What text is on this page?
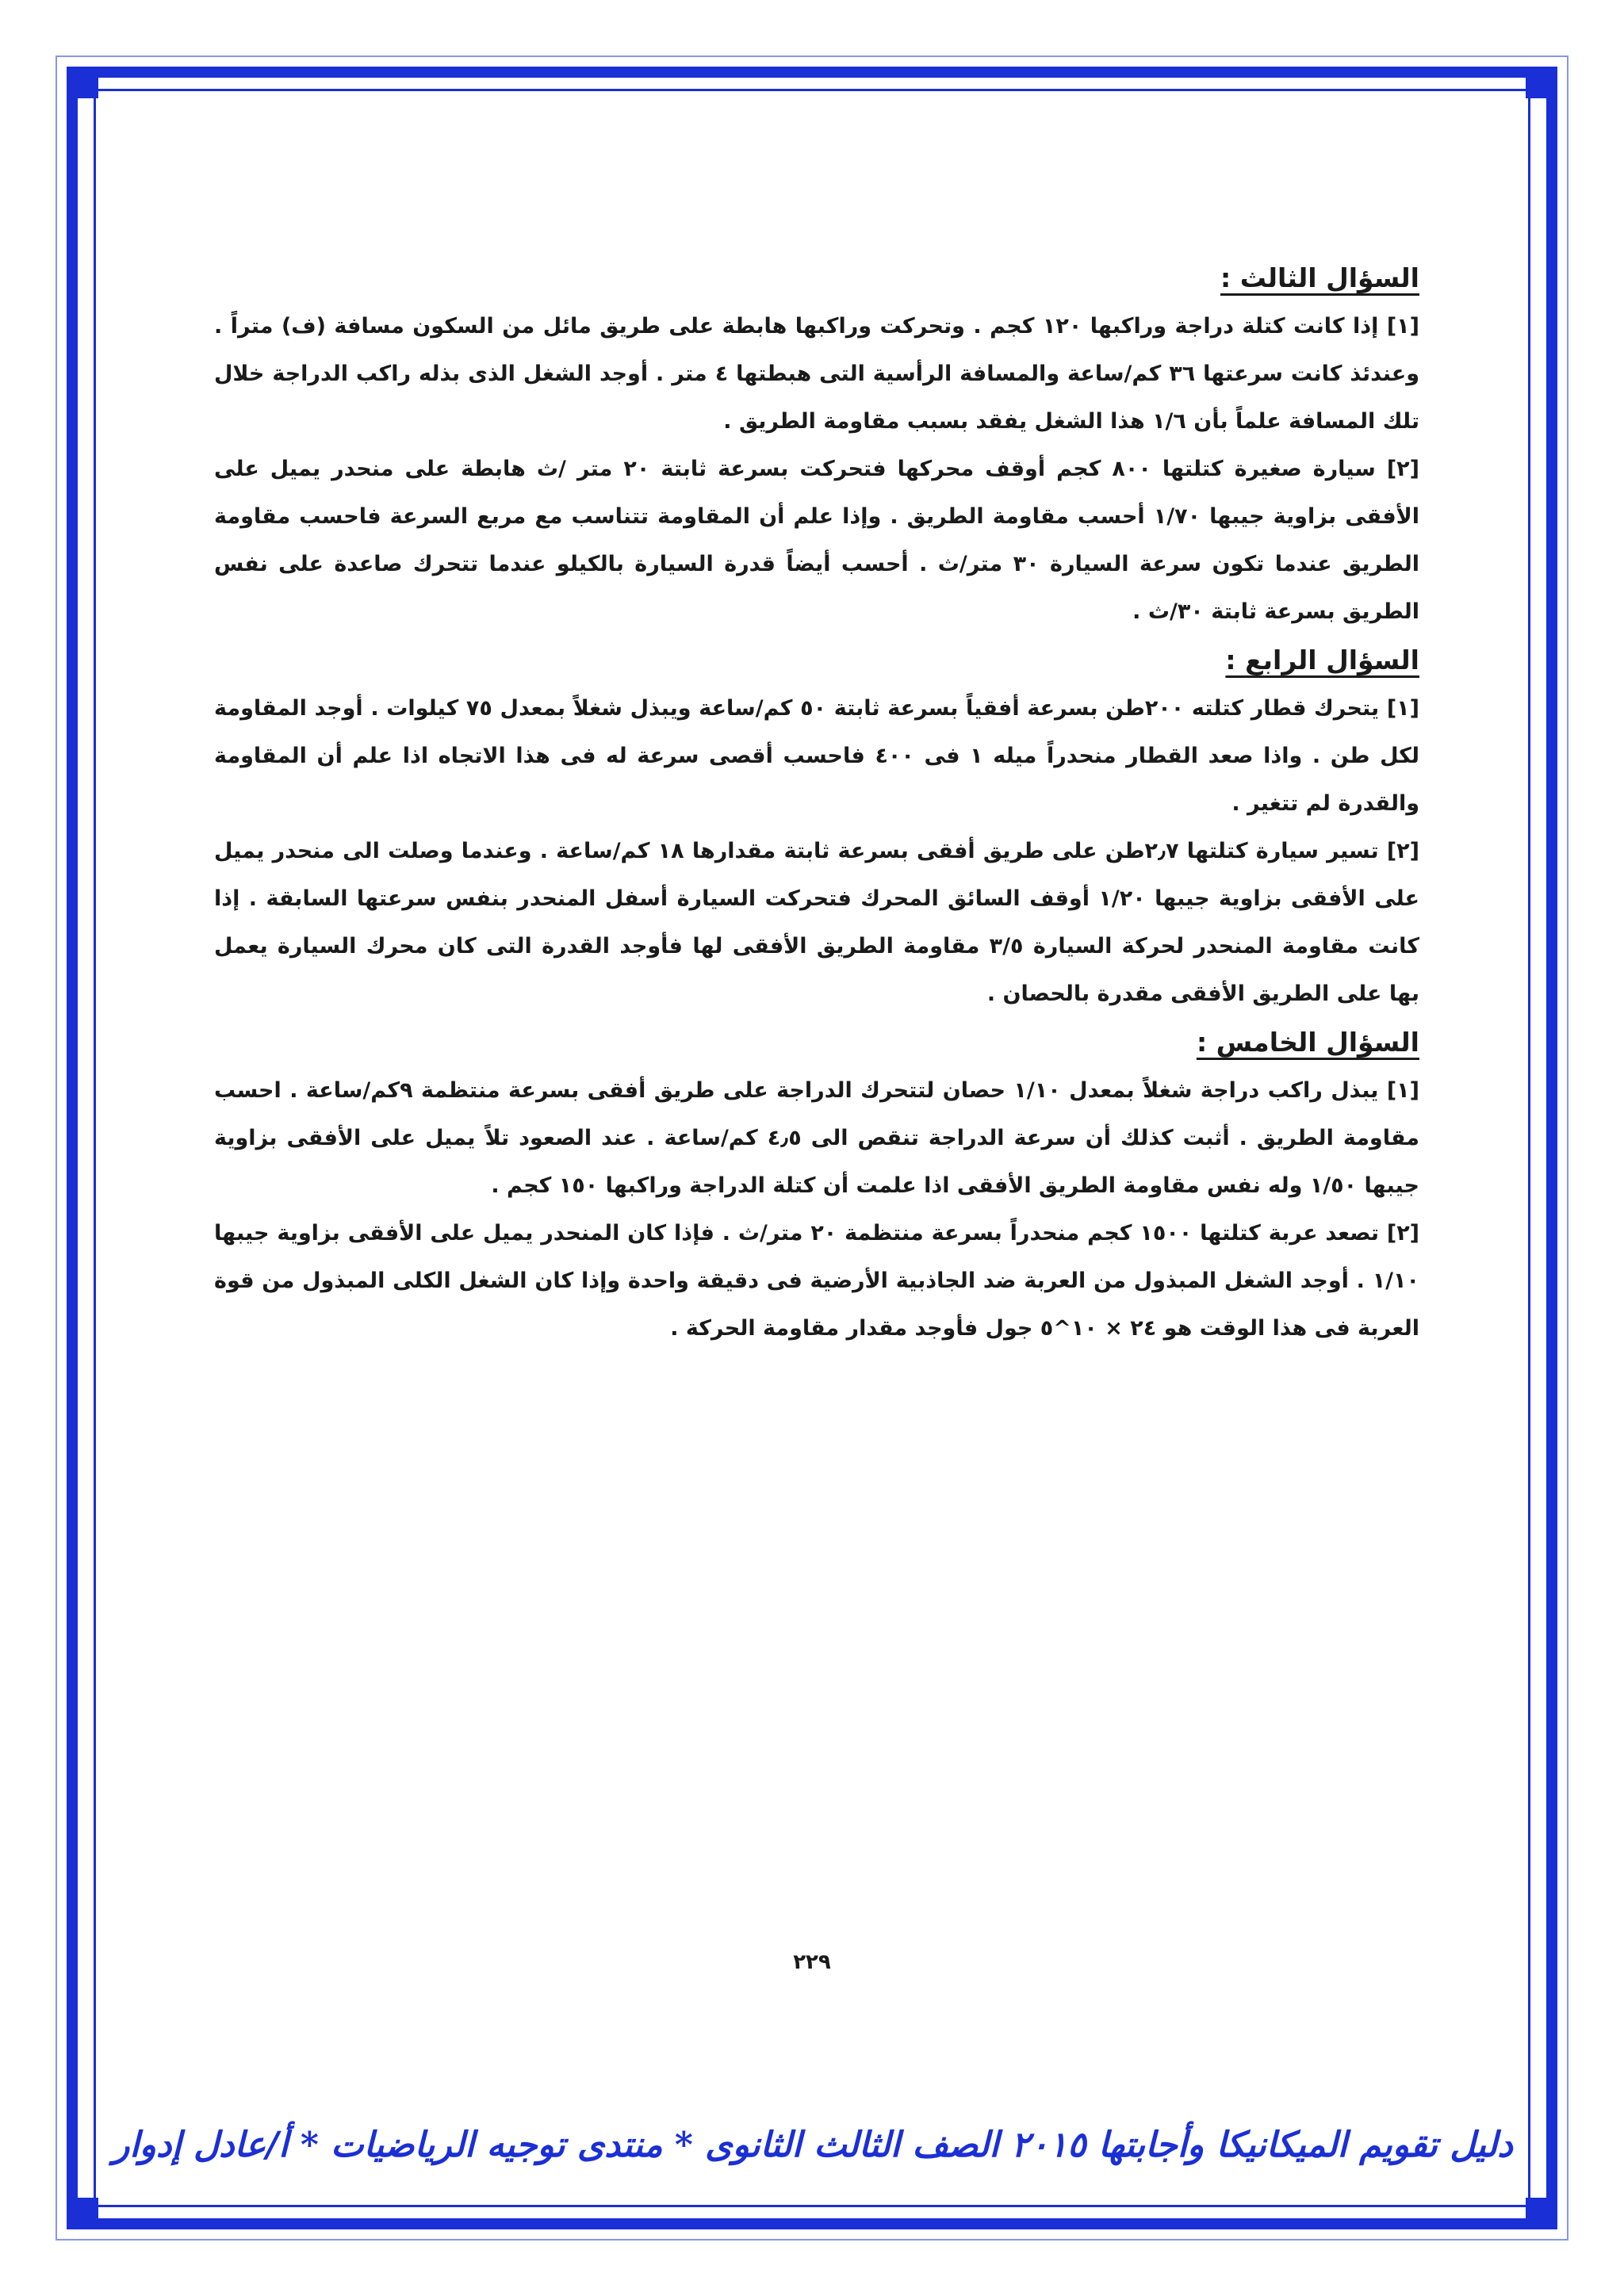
السؤال الثالث :

[١] إذا كانت كتلة دراجة وراكبها ١٢٠ كجم . وتحركت وراكبها هابطة على طريق مائل من السكون مسافة (ف) متراً . وعندئذ كانت سرعتها ٣٦ كم/ساعة والمسافة الرأسية التى هبطتها ٤ متر . أوجد الشغل الذى بذله راكب الدراجة خلال تلك المسافة علماً بأن ١/٦ هذا الشغل يفقد بسبب مقاومة الطريق .

[٢] سيارة صغيرة كتلتها ٨٠٠ كجم أوقف محركها فتحركت بسرعة ثابتة ٢٠ متر /ث هابطة على منحدر يميل على الأفقى بزاوية جيبها ١/٧٠ أحسب مقاومة الطريق . وإذا علم أن المقاومة تتناسب مع مربع السرعة فاحسب مقاومة الطريق عندما تكون سرعة السيارة ٣٠ متر/ث . أحسب أيضاً قدرة السيارة بالكيلو عندما تتحرك صاعدة على نفس الطريق بسرعة ثابتة ٣٠/ث .

السؤال الرابع :

[١] يتحرك قطار كتلته ٢٠٠طن بسرعة أفقياً بسرعة ثابتة ٥٠ كم/ساعة ويبذل شغلاً بمعدل ٧٥ كيلوات . أوجد المقاومة لكل طن . واذا صعد القطار منحدراً ميله ١ فى ٤٠٠ فاحسب أقصى سرعة له فى هذا الاتجاه اذا علم أن المقاومة والقدرة لم تتغير .

[٢] تسير سيارة كتلتها ٢٫٧طن على طريق أفقى بسرعة ثابتة مقدارها ١٨ كم/ساعة . وعندما وصلت الى منحدر يميل على الأفقى بزاوية جيبها ١/٢٠ أوقف السائق المحرك فتحركت السيارة أسفل المنحدر بنفس سرعتها السابقة . إذا كانت مقاومة المنحدر لحركة السيارة ٣/٥ مقاومة الطريق الأفقى لها فأوجد القدرة التى كان محرك السيارة يعمل بها على الطريق الأفقى مقدرة بالحصان .

السؤال الخامس :

[١] يبذل راكب دراجة شغلاً بمعدل ١/١٠ حصان لتتحرك الدراجة على طريق أفقى بسرعة منتظمة ٩كم/ساعة . احسب مقاومة الطريق . أثبت كذلك أن سرعة الدراجة تنقص الى ٤٫٥ كم/ساعة . عند الصعود تلاً يميل على الأفقى بزاوية جيبها ١/٥٠ وله نفس مقاومة الطريق الأفقى اذا علمت أن كتلة الدراجة وراكبها ١٥٠ كجم .

[٢] تصعد عربة كتلتها ١٥٠٠ كجم منحدراً بسرعة منتظمة ٢٠ متر/ث . فإذا كان المنحدر يميل على الأفقى بزاوية جيبها ١/١٠ . أوجد الشغل المبذول من العربة ضد الجاذبية الأرضية فى دقيقة واحدة وإذا كان الشغل الكلى المبذول من قوة العربة فى هذا الوقت هو ٢٤ × ١٠^٥ جول فأوجد مقدار مقاومة الحركة .

٢٢٩
دليل تقويم الميكانيكا وأجابتها ٢٠١٥ الصف الثالث الثانوى * منتدى توجيه الرياضيات * أ/عادل إدوار
